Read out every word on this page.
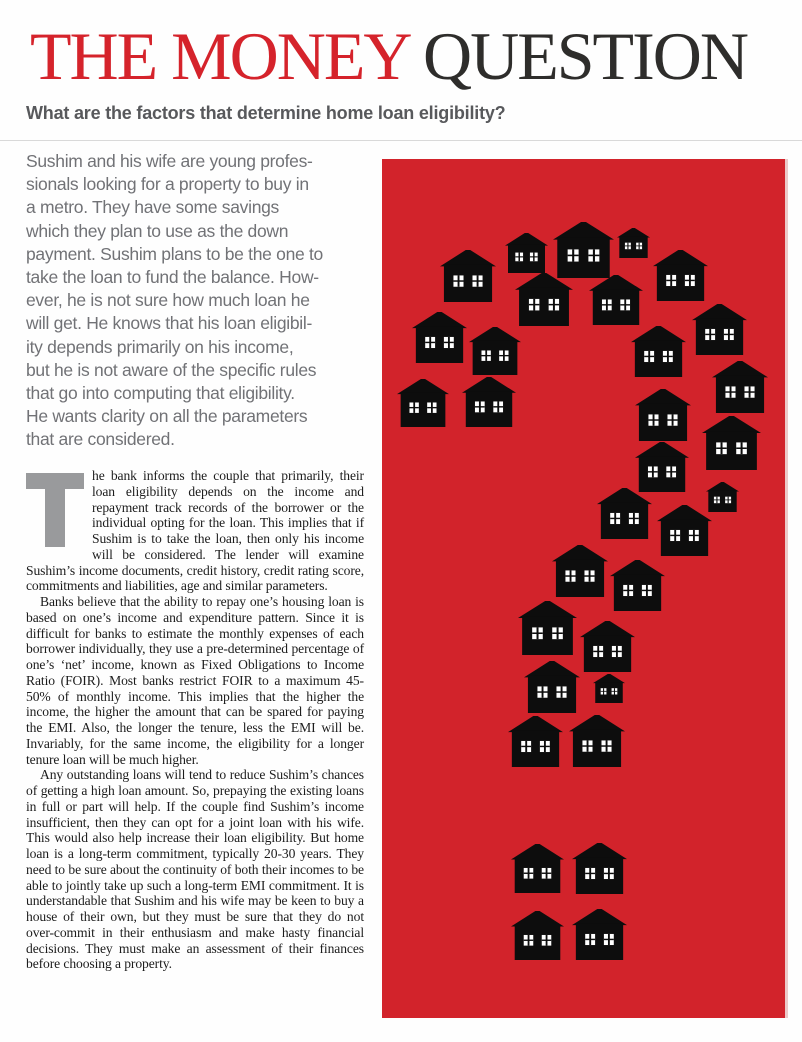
THE MONEY QUESTION
What are the factors that determine home loan eligibility?
Sushim and his wife are young profes-
sionals looking for a property to buy in
a metro. They have some savings
which they plan to use as the down
payment. Sushim plans to be the one to
take the loan to fund the balance. How-
ever, he is not sure how much loan he
will get. He knows that his loan eligibil-
ity depends primarily on his income,
but he is not aware of the specific rules
that go into computing that eligibility.
He wants clarity on all the parameters
that are considered.

he bank informs the couple that primarily, their loan eligibility depends on the income and repayment track records of the borrower or the individual opting for the loan. This implies that if Sushim is to take the loan, then only his income will be considered. The lender will examine Sushim’s income documents, credit history, credit rating score, commitments and liabilities, age and similar parameters.

Banks believe that the ability to repay one’s housing loan is based on one’s income and expenditure pattern. Since it is difficult for banks to estimate the monthly expenses of each borrower individually, they use a pre-determined percentage of one’s ‘net’ income, known as Fixed Obligations to Income Ratio (FOIR). Most banks restrict FOIR to a maximum 45-50% of monthly income. This implies that the higher the income, the higher the amount that can be spared for paying the EMI. Also, the longer the tenure, less the EMI will be. Invariably, for the same income, the eligibility for a longer tenure loan will be much higher.

Any outstanding loans will tend to reduce Sushim’s chances of getting a high loan amount. So, prepaying the existing loans in full or part will help. If the couple find Sushim’s income insufficient, then they can opt for a joint loan with his wife. This would also help increase their loan eligibility. But home loan is a long-term commitment, typically 20-30 years. They need to be sure about the continuity of both their incomes to be able to jointly take up such a long-term EMI commitment. It is understandable that Sushim and his wife may be keen to buy a house of their own, but they must be sure that they do not over-commit in their enthusiasm and make hasty financial decisions. They must make an assessment of their finances before choosing a property.
